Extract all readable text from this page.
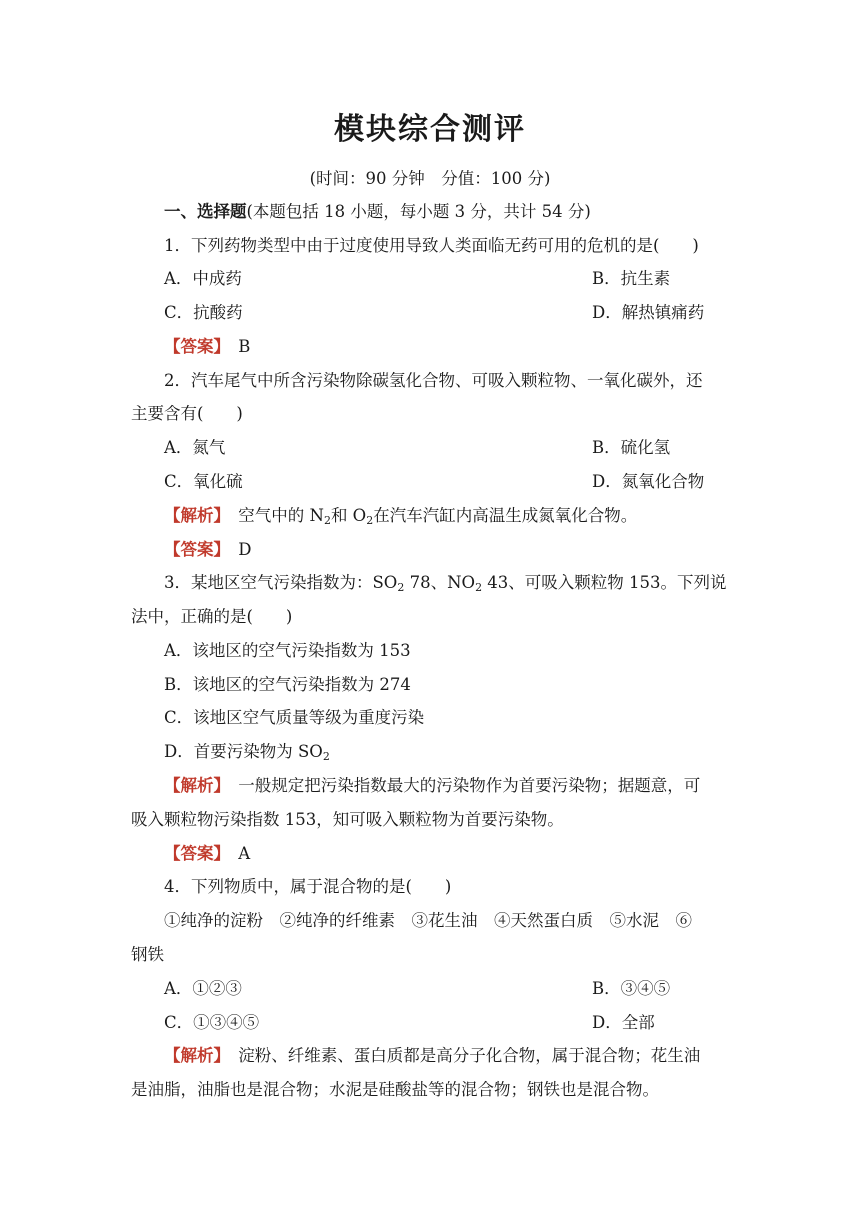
模块综合测评
(时间：90 分钟　分值：100 分)
一、选择题(本题包括 18 小题，每小题 3 分，共计 54 分)
1．下列药物类型中由于过度使用导致人类面临无药可用的危机的是(　　)
A．中成药	B．抗生素
C．抗酸药	D．解热镇痛药
【答案】　 B
2．汽车尾气中所含污染物除碳氢化合物、可吸入颗粒物、一氧化碳外，还
主要含有(　　)
A．氮气	B．硫化氢
C．氧化硫	D．氮氧化合物
【解析】　 空气中的 $N_2$和 $O_2$在汽车汽缸内高温生成氮氧化合物。
【答案】　 D
3．某地区空气污染指数为：$SO_2$ 78、$NO_2$ 43、可吸入颗粒物 153。下列说
法中，正确的是(　　)
A．该地区的空气污染指数为 153
B．该地区的空气污染指数为 274
C．该地区空气质量等级为重度污染
D．首要污染物为 $SO_2$
【解析】　 一般规定把污染指数最大的污染物作为首要污染物；据题意，可
吸入颗粒物污染指数 153，知可吸入颗粒物为首要污染物。
【答案】　 A
4．下列物质中，属于混合物的是(　　)
①纯净的淀粉　②纯净的纤维素　③花生油　④天然蛋白质　⑤水泥　⑥
钢铁
A．①②③	B．③④⑤
C．①③④⑤	D．全部
【解析】　 淀粉、纤维素、蛋白质都是高分子化合物，属于混合物；花生油
是油脂，油脂也是混合物；水泥是硅酸盐等的混合物；钢铁也是混合物。
